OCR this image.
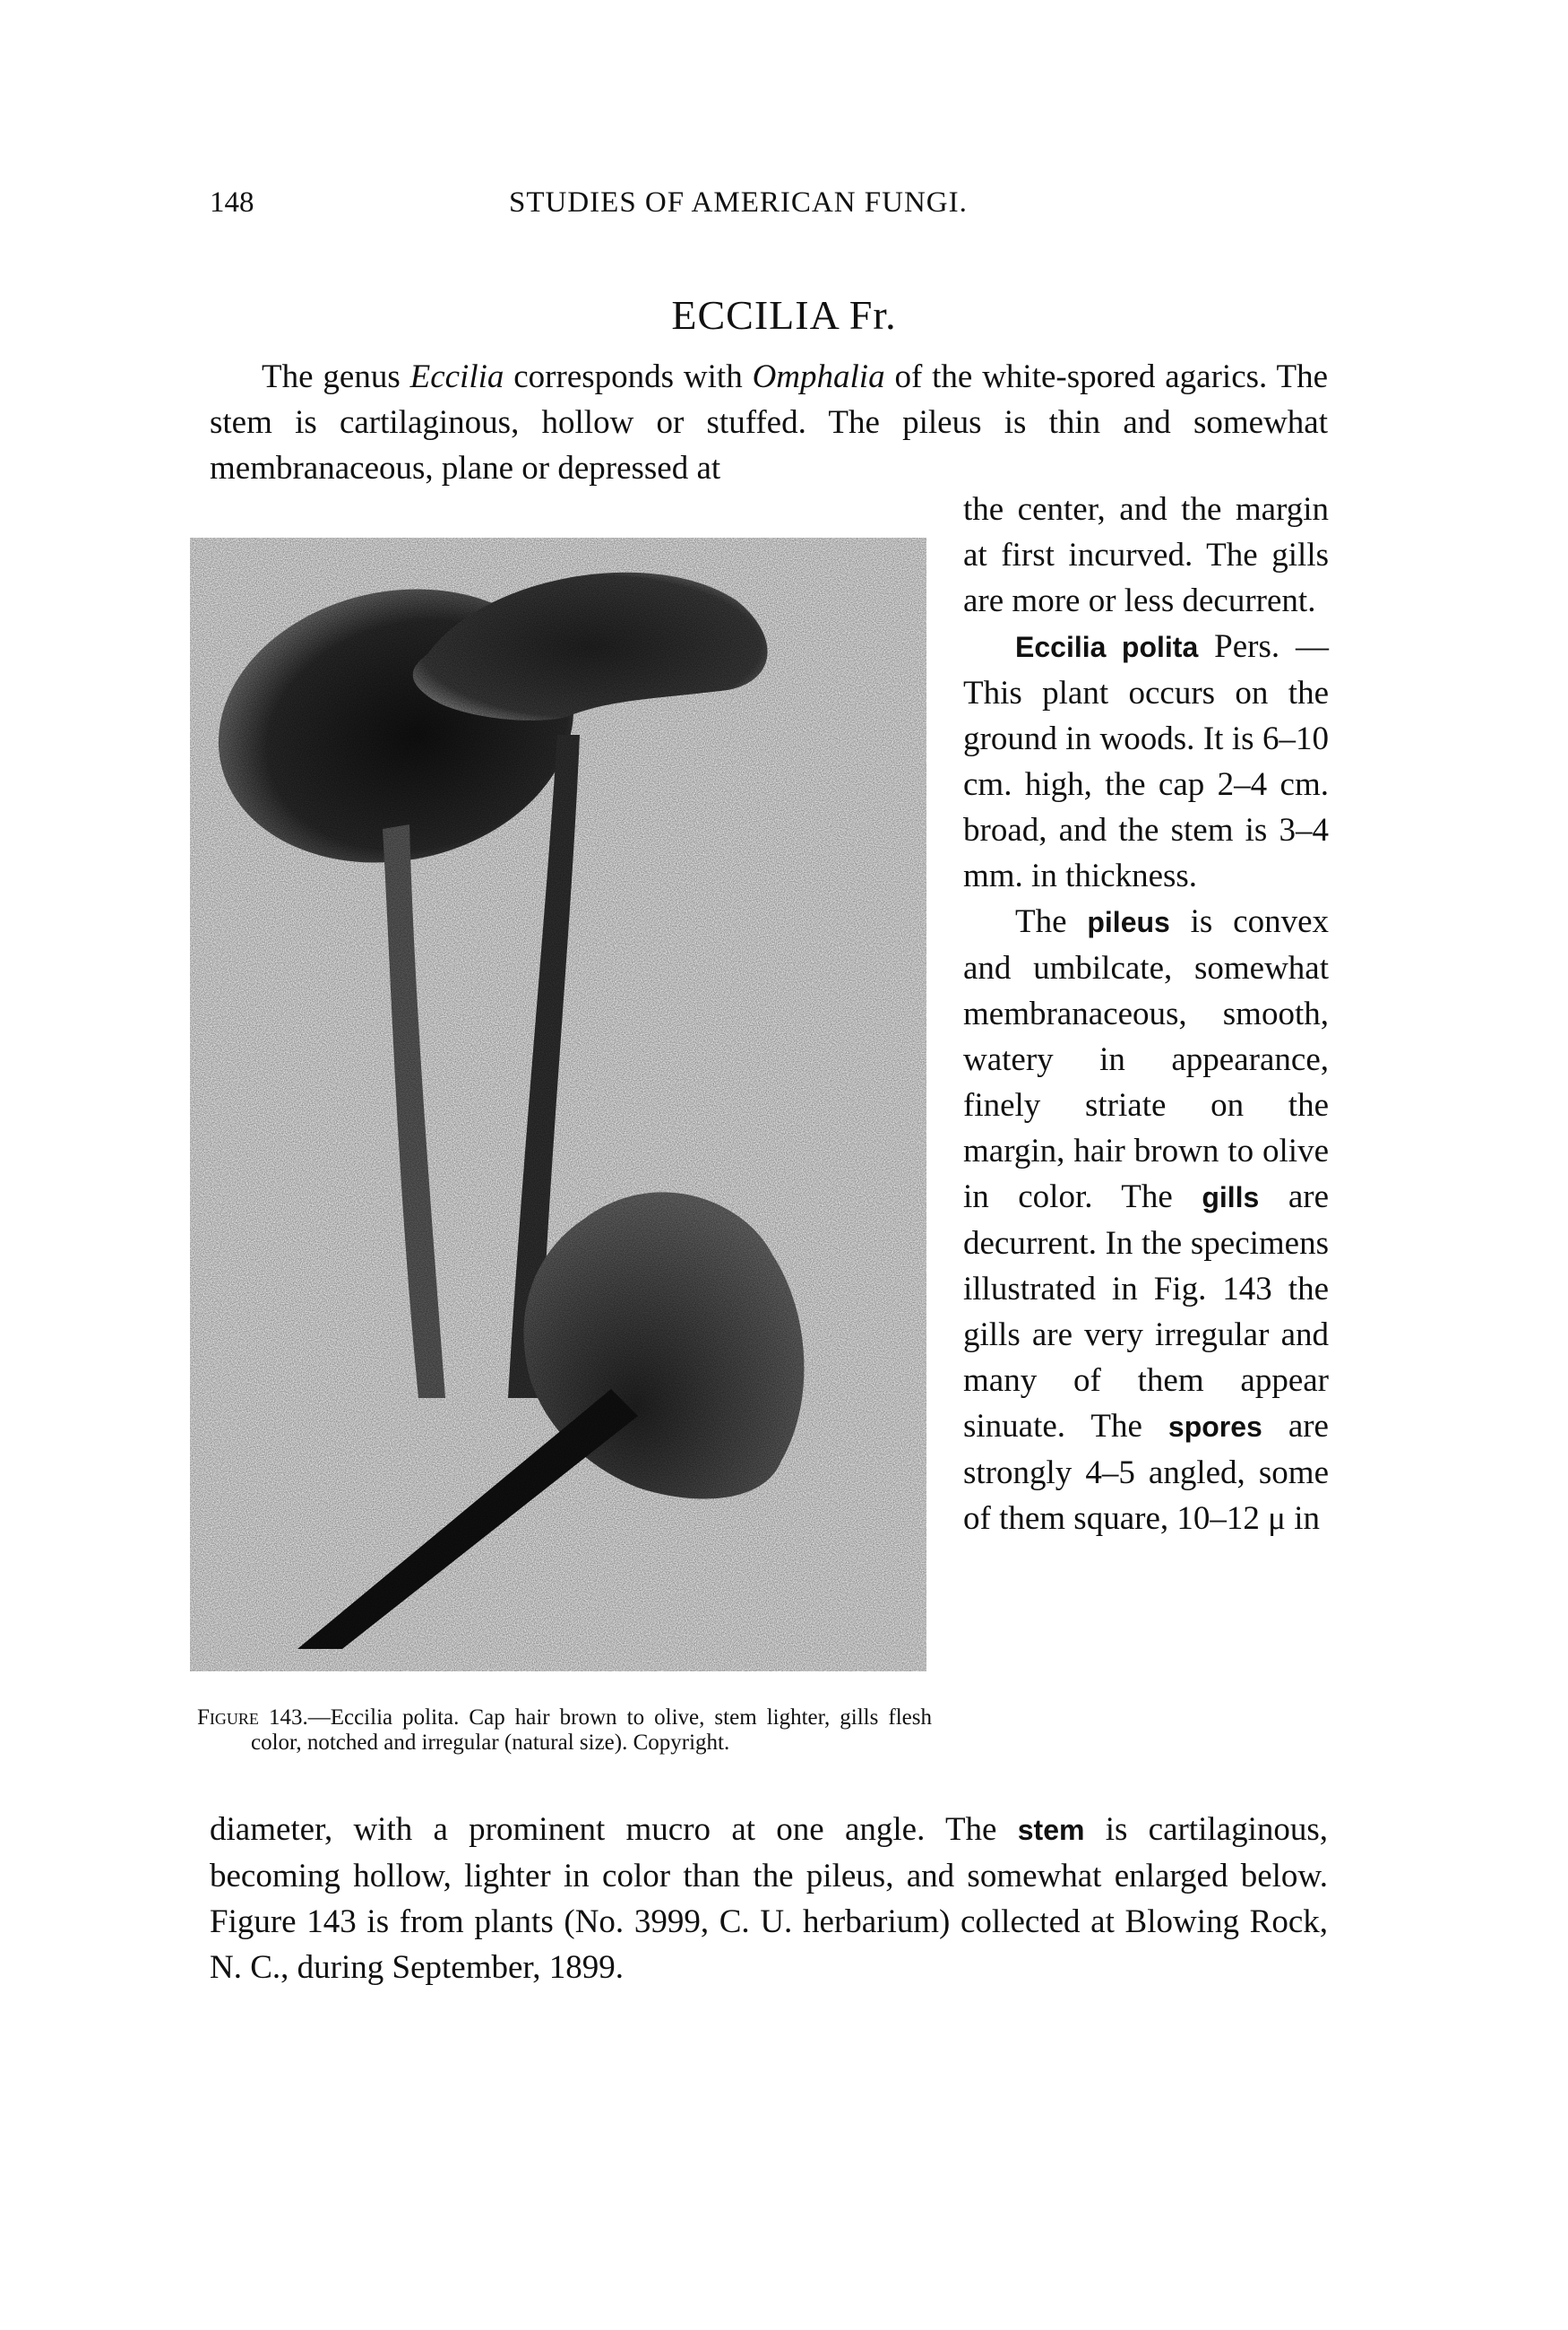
148	STUDIES OF AMERICAN FUNGI.
ECCILIA Fr.

The genus Eccilia corresponds with Omphalia of the white-spored agarics. The stem is cartilaginous, hollow or stuffed. The pileus is thin and somewhat membranaceous, plane or depressed at

Figure 143.—Eccilia polita. Cap hair brown to olive, stem lighter, gills flesh color, notched and irregular (natural size). Copyright.

the center, and the margin at first incurved. The gills are more or less decurrent.

Eccilia polita Pers. —This plant occurs on the ground in woods. It is 6–10 cm. high, the cap 2–4 cm. broad, and the stem is 3–4 mm. in thickness.

The pileus is convex and umbilcate, somewhat membranaceous, smooth, watery in appearance, finely striate on the margin, hair brown to olive in color. The gills are decurrent. In the specimens illustrated in Fig. 143 the gills are very irregular and many of them appear sinuate. The spores are strongly 4–5 angled, some of them square, 10–12 μ in

diameter, with a prominent mucro at one angle. The stem is cartilaginous, becoming hollow, lighter in color than the pileus, and somewhat enlarged below. Figure 143 is from plants (No. 3999, C. U. herbarium) collected at Blowing Rock, N. C., during September, 1899.
